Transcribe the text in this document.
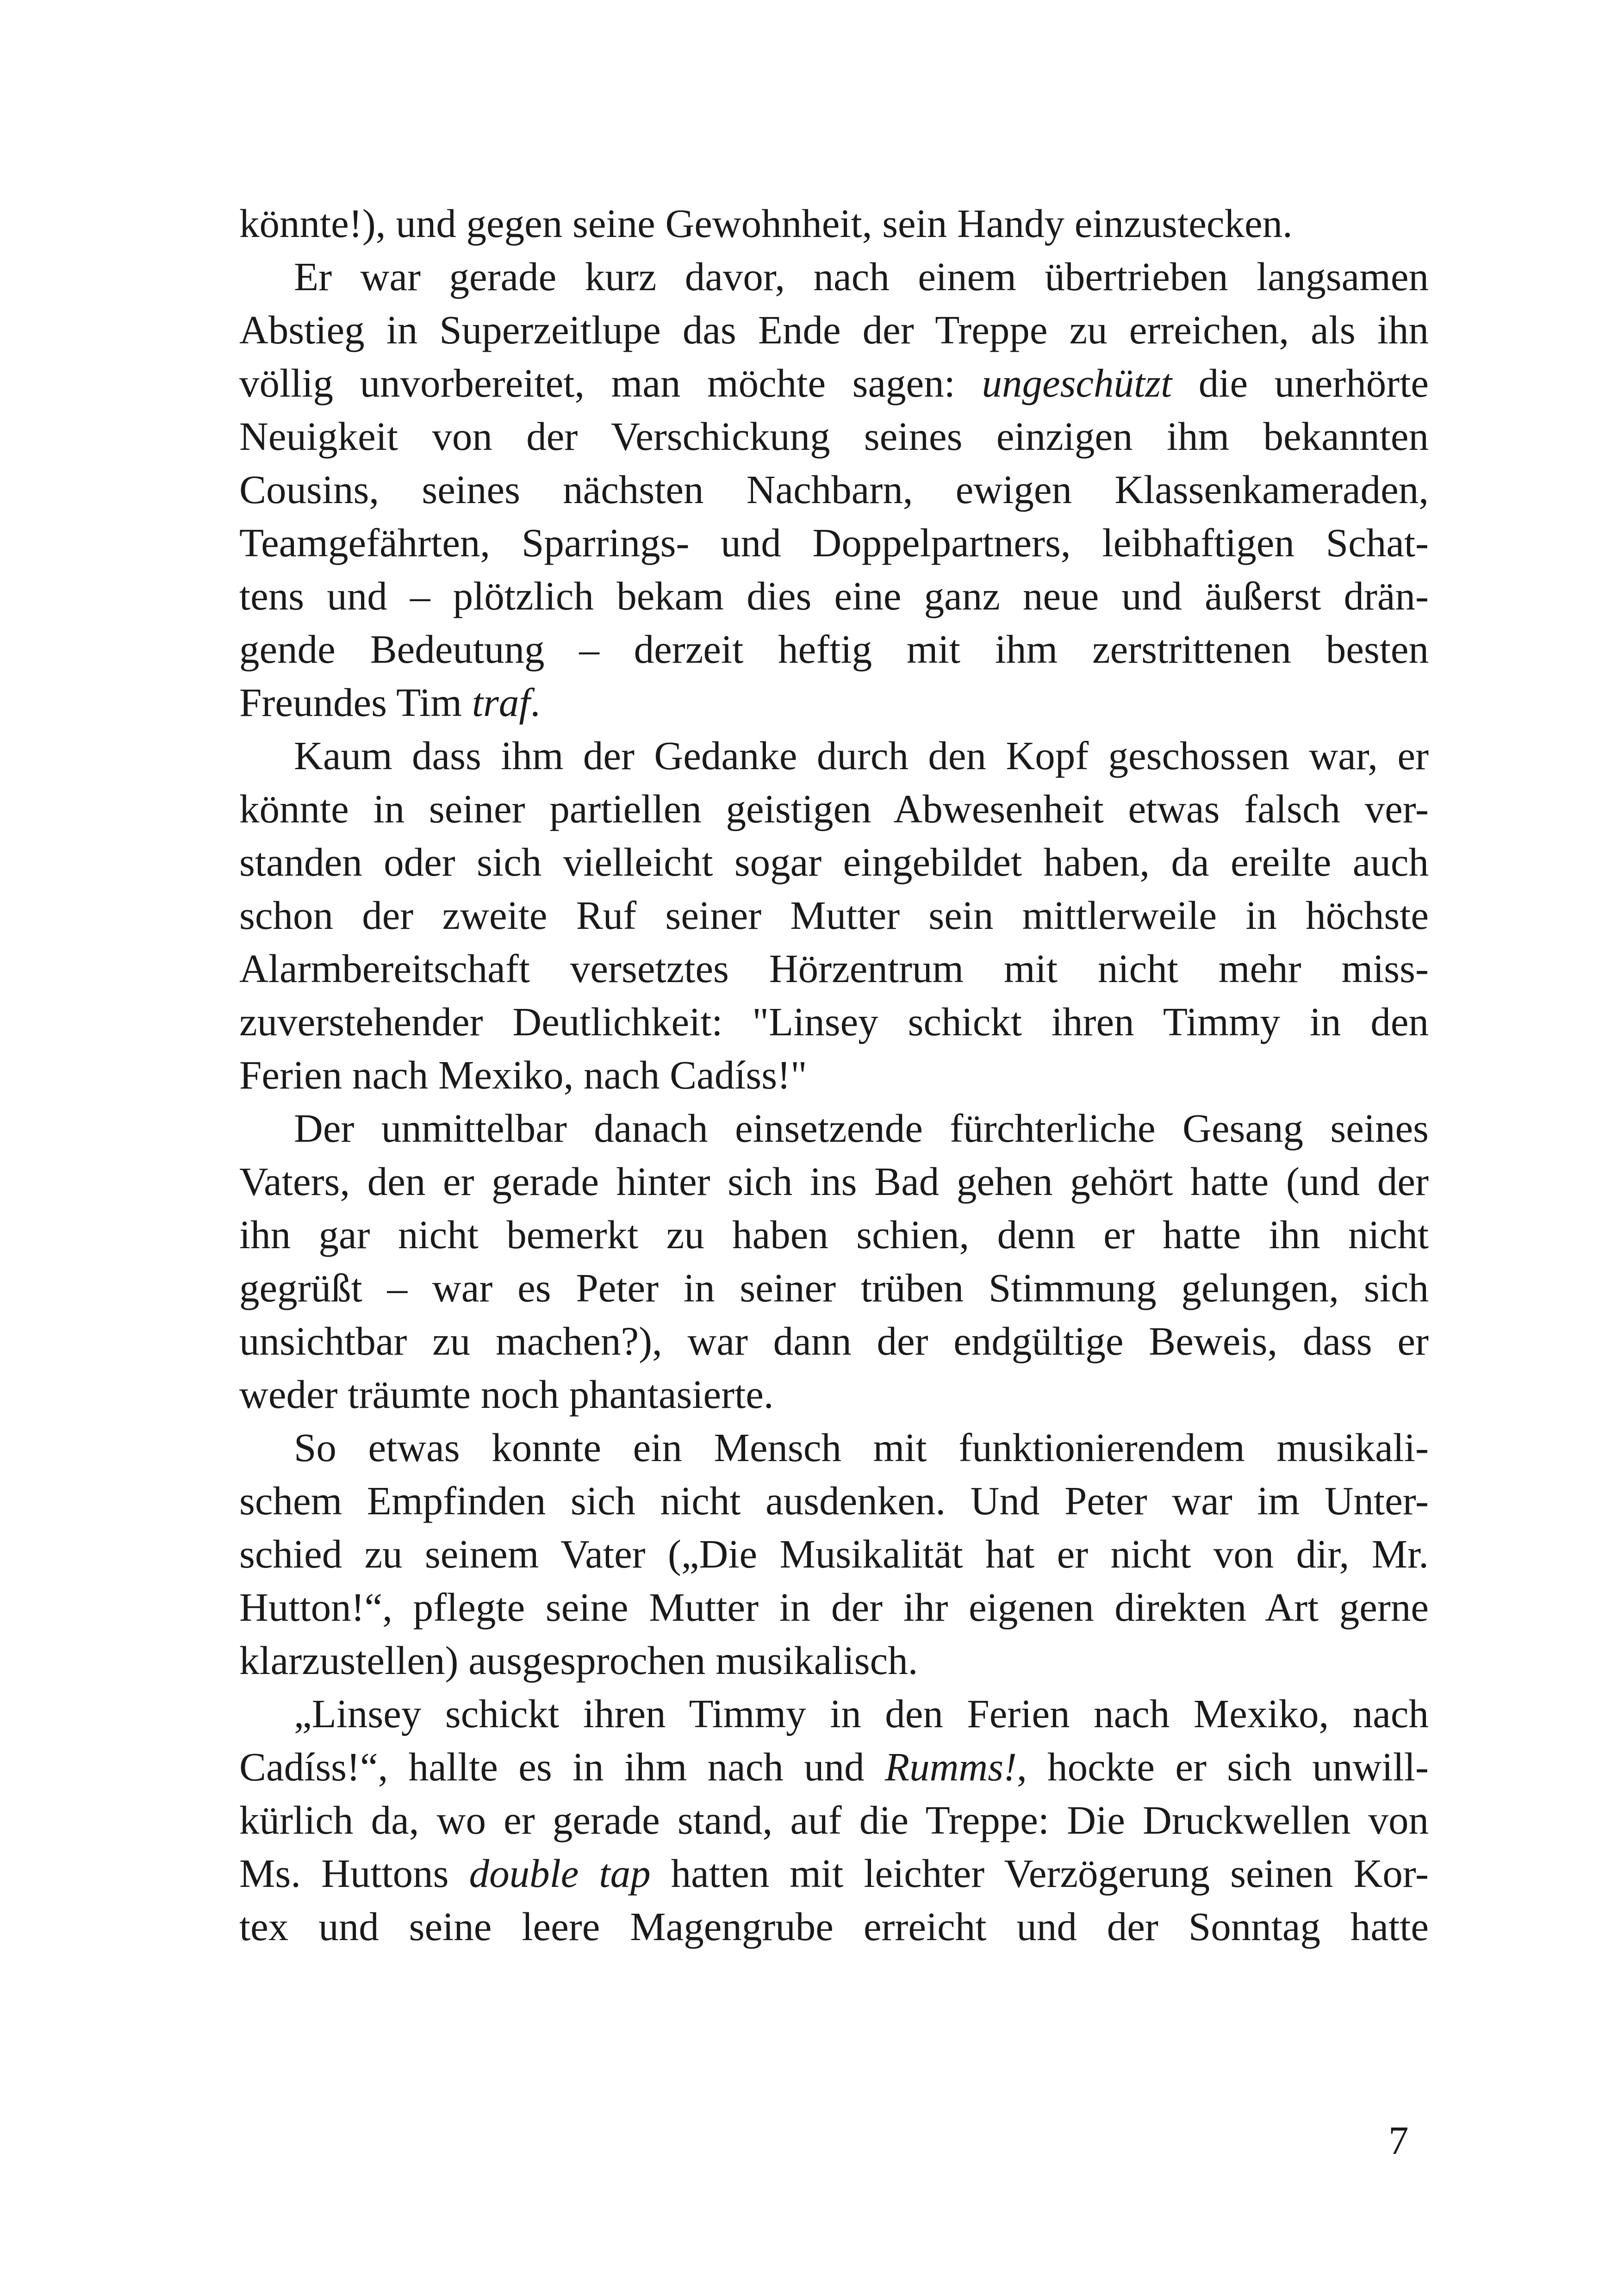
könnte!), und gegen seine Gewohnheit, sein Handy einzustecken.
Er war gerade kurz davor, nach einem übertrieben langsamen
Abstieg in Superzeitlupe das Ende der Treppe zu erreichen, als ihn
völlig unvorbereitet, man möchte sagen: ungeschützt die unerhörte
Neuigkeit von der Verschickung seines einzigen ihm bekannten
Cousins, seines nächsten Nachbarn, ewigen Klassenkameraden,
Teamgefährten, Sparrings- und Doppelpartners, leibhaftigen Schat-
tens und – plötzlich bekam dies eine ganz neue und äußerst drän-
gende Bedeutung – derzeit heftig mit ihm zerstrittenen besten
Freundes Tim traf.
Kaum dass ihm der Gedanke durch den Kopf geschossen war, er
könnte in seiner partiellen geistigen Abwesenheit etwas falsch ver-
standen oder sich vielleicht sogar eingebildet haben, da ereilte auch
schon der zweite Ruf seiner Mutter sein mittlerweile in höchste
Alarmbereitschaft versetztes Hörzentrum mit nicht mehr miss-
zuverstehender Deutlichkeit: "Linsey schickt ihren Timmy in den
Ferien nach Mexiko, nach Cadíss!"
Der unmittelbar danach einsetzende fürchterliche Gesang seines
Vaters, den er gerade hinter sich ins Bad gehen gehört hatte (und der
ihn gar nicht bemerkt zu haben schien, denn er hatte ihn nicht
gegrüßt – war es Peter in seiner trüben Stimmung gelungen, sich
unsichtbar zu machen?), war dann der endgültige Beweis, dass er
weder träumte noch phantasierte.
So etwas konnte ein Mensch mit funktionierendem musikali-
schem Empfinden sich nicht ausdenken. Und Peter war im Unter-
schied zu seinem Vater („Die Musikalität hat er nicht von dir, Mr.
Hutton!“, pflegte seine Mutter in der ihr eigenen direkten Art gerne
klarzustellen) ausgesprochen musikalisch.
„Linsey schickt ihren Timmy in den Ferien nach Mexiko, nach
Cadíss!“, hallte es in ihm nach und Rumms!, hockte er sich unwill-
kürlich da, wo er gerade stand, auf die Treppe: Die Druckwellen von
Ms. Huttons double tap hatten mit leichter Verzögerung seinen Kor-
tex und seine leere Magengrube erreicht und der Sonntag hatte
7
